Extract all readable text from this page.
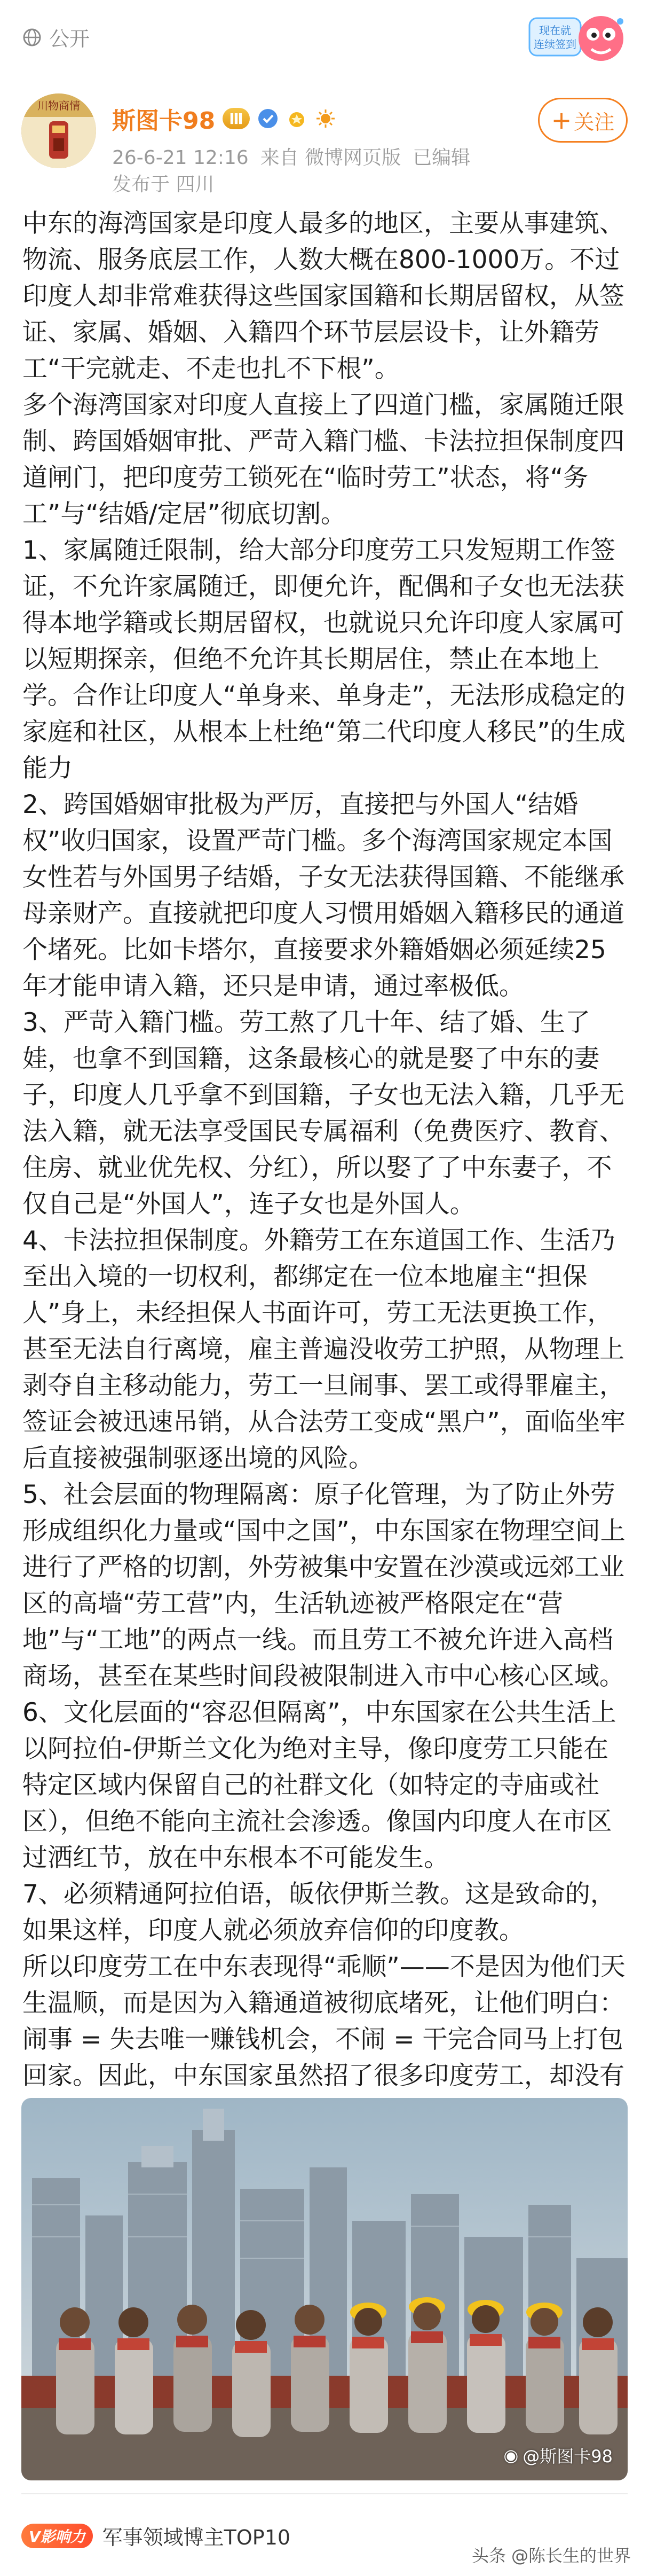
公开	现在就
连续签到
川物商情
斯图卡98 Ⅲ
26-6-21 12:16 来自 微博网页版 已编辑
发布于 四川
+ 关注

中东的海湾国家是印度人最多的地区，主要从事建筑、物流、服务底层工作，人数大概在800-1000万。不过印度人却非常难获得这些国家国籍和长期居留权，从签证、家属、婚姻、入籍四个环节层层设卡，让外籍劳工“干完就走、不走也扎不下根”。

多个海湾国家对印度人直接上了四道门槛，家属随迁限制、跨国婚姻审批、严苛入籍门槛、卡法拉担保制度四道闸门，把印度劳工锁死在“临时劳工”状态，将“务工”与“结婚/定居”彻底切割。

1、家属随迁限制，给大部分印度劳工只发短期工作签证，不允许家属随迁，即便允许，配偶和子女也无法获得本地学籍或长期居留权，也就说只允许印度人家属可以短期探亲，但绝不允许其长期居住，禁止在本地上学。合作让印度人“单身来、单身走”，无法形成稳定的家庭和社区，从根本上杜绝“第二代印度人移民”的生成能力

2、跨国婚姻审批极为严厉，直接把与外国人“结婚权”收归国家，设置严苛门槛。多个海湾国家规定本国女性若与外国男子结婚，子女无法获得国籍、不能继承母亲财产。直接就把印度人习惯用婚姻入籍移民的通道个堵死。比如卡塔尔，直接要求外籍婚姻必须延续25年才能申请入籍，还只是申请，通过率极低。

3、严苛入籍门槛。劳工熬了几十年、结了婚、生了娃，也拿不到国籍，这条最核心的就是娶了中东的妻子，印度人几乎拿不到国籍，子女也无法入籍，几乎无法入籍，就无法享受国民专属福利（免费医疗、教育、住房、就业优先权、分红），所以娶了了中东妻子，不仅自己是“外国人”，连子女也是外国人。

4、卡法拉担保制度。外籍劳工在东道国工作、生活乃至出入境的一切权利，都绑定在一位本地雇主“担保人”身上，未经担保人书面许可，劳工无法更换工作，甚至无法自行离境，雇主普遍没收劳工护照，从物理上剥夺自主移动能力，劳工一旦闹事、罢工或得罪雇主，签证会被迅速吊销，从合法劳工变成“黑户”，面临坐牢后直接被强制驱逐出境的风险。

5、社会层面的物理隔离：原子化管理，为了防止外劳形成组织化力量或“国中之国”，中东国家在物理空间上进行了严格的切割，外劳被集中安置在沙漠或远郊工业区的高墙“劳工营”内，生活轨迹被严格限定在“营地”与“工地”的两点一线。而且劳工不被允许进入高档商场，甚至在某些时间段被限制进入市中心核心区域。

6、文化层面的“容忍但隔离”，中东国家在公共生活上以阿拉伯-伊斯兰文化为绝对主导，像印度劳工只能在特定区域内保留自己的社群文化（如特定的寺庙或社区），但绝不能向主流社会渗透。像国内印度人在市区过洒红节，放在中东根本不可能发生。

7、必须精通阿拉伯语，皈依伊斯兰教。这是致命的，如果这样，印度人就必须放弃信仰的印度教。

所以印度劳工在中东表现得“乖顺”——不是因为他们天生温顺，而是因为入籍通道被彻底堵死，让他们明白：闹事 = 失去唯一赚钱机会，不闹 = 干完合同马上打包回家。因此，中东国家虽然招了很多印度劳工，却没有

◉ @斯图卡98
V影响力 军事领域博主TOP10
头条 @陈长生的世界
